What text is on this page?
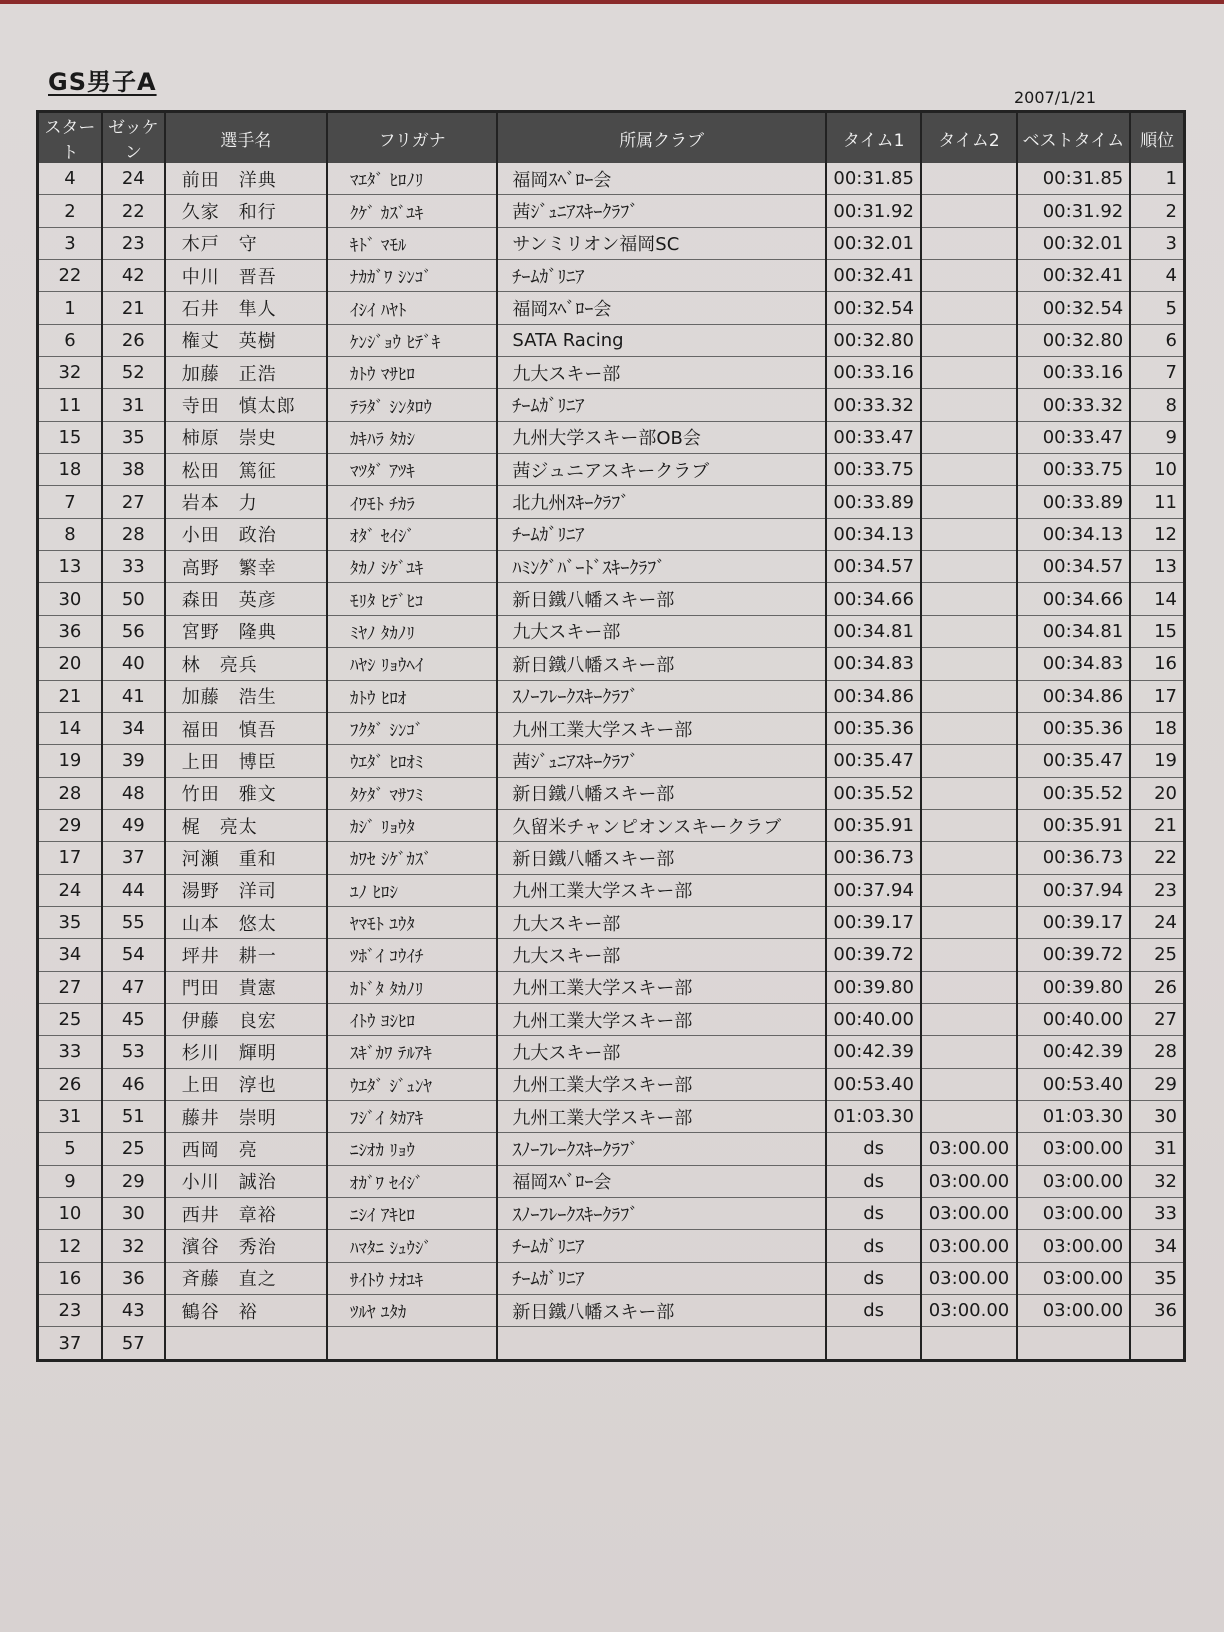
GS男子A
2007/1/21
スタート	ゼッケン	選手名	フリガナ	所属クラブ	タイム1	タイム2	ベストタイム	順位
4	24	前田　洋典	ﾏｴﾀﾞ ﾋﾛﾉﾘ	福岡ｽﾍﾞﾛｰ会	00:31.85		00:31.85	1
2	22	久家　和行	ｸｹﾞ ｶｽﾞﾕｷ	茜ｼﾞｭﾆｱｽｷｰｸﾗﾌﾞ	00:31.92		00:31.92	2
3	23	木戸　守	ｷﾄﾞ ﾏﾓﾙ	サンミリオン福岡SC	00:32.01		00:32.01	3
22	42	中川　晋吾	ﾅｶｶﾞﾜ ｼﾝｺﾞ	ﾁｰﾑｶﾞﾘﾆｱ	00:32.41		00:32.41	4
1	21	石井　隼人	ｲｼｲ ﾊﾔﾄ	福岡ｽﾍﾞﾛｰ会	00:32.54		00:32.54	5
6	26	権丈　英樹	ｹﾝｼﾞｮｳ ﾋﾃﾞｷ	SATA Racing	00:32.80		00:32.80	6
32	52	加藤　正浩	ｶﾄｳ ﾏｻﾋﾛ	九大スキー部	00:33.16		00:33.16	7
11	31	寺田　慎太郎	ﾃﾗﾀﾞ ｼﾝﾀﾛｳ	ﾁｰﾑｶﾞﾘﾆｱ	00:33.32		00:33.32	8
15	35	柿原　崇史	ｶｷﾊﾗ ﾀｶｼ	九州大学スキー部OB会	00:33.47		00:33.47	9
18	38	松田　篤征	ﾏﾂﾀﾞ ｱﾂｷ	茜ジュニアスキークラブ	00:33.75		00:33.75	10
7	27	岩本　力	ｲﾜﾓﾄ ﾁｶﾗ	北九州ｽｷｰｸﾗﾌﾞ	00:33.89		00:33.89	11
8	28	小田　政治	ｵﾀﾞ ｾｲｼﾞ	ﾁｰﾑｶﾞﾘﾆｱ	00:34.13		00:34.13	12
13	33	高野　繁幸	ﾀｶﾉ ｼｹﾞﾕｷ	ﾊﾐﾝｸﾞﾊﾞｰﾄﾞｽｷｰｸﾗﾌﾞ	00:34.57		00:34.57	13
30	50	森田　英彦	ﾓﾘﾀ ﾋﾃﾞﾋｺ	新日鐵八幡スキー部	00:34.66		00:34.66	14
36	56	宮野　隆典	ﾐﾔﾉ ﾀｶﾉﾘ	九大スキー部	00:34.81		00:34.81	15
20	40	林　亮兵	ﾊﾔｼ ﾘｮｳﾍｲ	新日鐵八幡スキー部	00:34.83		00:34.83	16
21	41	加藤　浩生	ｶﾄｳ ﾋﾛｵ	ｽﾉｰﾌﾚｰｸｽｷｰｸﾗﾌﾞ	00:34.86		00:34.86	17
14	34	福田　慎吾	ﾌｸﾀﾞ ｼﾝｺﾞ	九州工業大学スキー部	00:35.36		00:35.36	18
19	39	上田　博臣	ｳｴﾀﾞ ﾋﾛｵﾐ	茜ｼﾞｭﾆｱｽｷｰｸﾗﾌﾞ	00:35.47		00:35.47	19
28	48	竹田　雅文	ﾀｹﾀﾞ ﾏｻﾌﾐ	新日鐵八幡スキー部	00:35.52		00:35.52	20
29	49	梶　亮太	ｶｼﾞ ﾘｮｳﾀ	久留米チャンピオンスキークラブ	00:35.91		00:35.91	21
17	37	河瀬　重和	ｶﾜｾ ｼｹﾞｶｽﾞ	新日鐵八幡スキー部	00:36.73		00:36.73	22
24	44	湯野　洋司	ﾕﾉ ﾋﾛｼ	九州工業大学スキー部	00:37.94		00:37.94	23
35	55	山本　悠太	ﾔﾏﾓﾄ ﾕｳﾀ	九大スキー部	00:39.17		00:39.17	24
34	54	坪井　耕一	ﾂﾎﾞｲ ｺｳｲﾁ	九大スキー部	00:39.72		00:39.72	25
27	47	門田　貴憲	ｶﾄﾞﾀ ﾀｶﾉﾘ	九州工業大学スキー部	00:39.80		00:39.80	26
25	45	伊藤　良宏	ｲﾄｳ ﾖｼﾋﾛ	九州工業大学スキー部	00:40.00		00:40.00	27
33	53	杉川　輝明	ｽｷﾞｶﾜ ﾃﾙｱｷ	九大スキー部	00:42.39		00:42.39	28
26	46	上田　淳也	ｳｴﾀﾞ ｼﾞｭﾝﾔ	九州工業大学スキー部	00:53.40		00:53.40	29
31	51	藤井　崇明	ﾌｼﾞｲ ﾀｶｱｷ	九州工業大学スキー部	01:03.30		01:03.30	30
5	25	西岡　亮	ﾆｼｵｶ ﾘｮｳ	ｽﾉｰﾌﾚｰｸｽｷｰｸﾗﾌﾞ	ds	03:00.00	03:00.00	31
9	29	小川　誠治	ｵｶﾞﾜ ｾｲｼﾞ	福岡ｽﾍﾞﾛｰ会	ds	03:00.00	03:00.00	32
10	30	西井　章裕	ﾆｼｲ ｱｷﾋﾛ	ｽﾉｰﾌﾚｰｸｽｷｰｸﾗﾌﾞ	ds	03:00.00	03:00.00	33
12	32	濱谷　秀治	ﾊﾏﾀﾆ ｼｭｳｼﾞ	ﾁｰﾑｶﾞﾘﾆｱ	ds	03:00.00	03:00.00	34
16	36	斉藤　直之	ｻｲﾄｳ ﾅｵﾕｷ	ﾁｰﾑｶﾞﾘﾆｱ	ds	03:00.00	03:00.00	35
23	43	鶴谷　裕	ﾂﾙﾔ ﾕﾀｶ	新日鐵八幡スキー部	ds	03:00.00	03:00.00	36
37	57							
